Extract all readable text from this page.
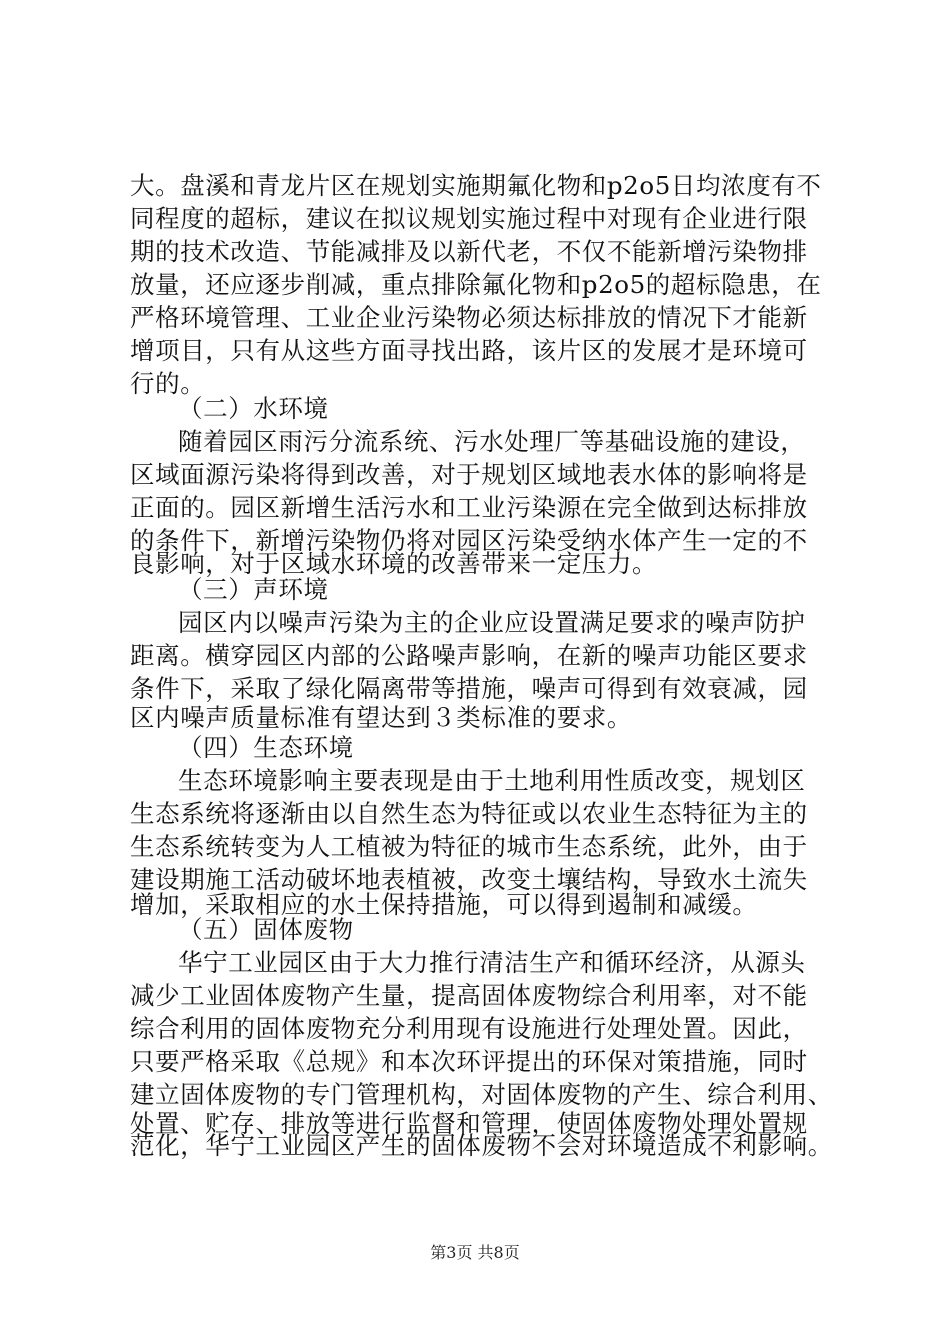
大。盘溪和青龙片区在规划实施期氟化物和p2o5日均浓度有不
同程度的超标，建议在拟议规划实施过程中对现有企业进行限
期的技术改造、节能减排及以新代老，不仅不能新增污染物排
放量，还应逐步削减，重点排除氟化物和p2o5的超标隐患，在
严格环境管理、工业企业污染物必须达标排放的情况下才能新
增项目，只有从这些方面寻找出路，该片区的发展才是环境可
行的。
（二）水环境
随着园区雨污分流系统、污水处理厂等基础设施的建设，
区域面源污染将得到改善，对于规划区域地表水体的影响将是
正面的。园区新增生活污水和工业污染源在完全做到达标排放
的条件下，新增污染物仍将对园区污染受纳水体产生一定的不
良影响，对于区域水环境的改善带来一定压力。
（三）声环境
园区内以噪声污染为主的企业应设置满足要求的噪声防护
距离。横穿园区内部的公路噪声影响，在新的噪声功能区要求
条件下，采取了绿化隔离带等措施，噪声可得到有效衰减，园
区内噪声质量标准有望达到３类标准的要求。
（四）生态环境
生态环境影响主要表现是由于土地利用性质改变，规划区
生态系统将逐渐由以自然生态为特征或以农业生态特征为主的
生态系统转变为人工植被为特征的城市生态系统，此外，由于
建设期施工活动破坏地表植被，改变土壤结构，导致水土流失
增加，采取相应的水土保持措施，可以得到遏制和减缓。
（五）固体废物
华宁工业园区由于大力推行清洁生产和循环经济，从源头
减少工业固体废物产生量，提高固体废物综合利用率，对不能
综合利用的固体废物充分利用现有设施进行处理处置。因此，
只要严格采取《总规》和本次环评提出的环保对策措施，同时
建立固体废物的专门管理机构，对固体废物的产生、综合利用、
处置、贮存、排放等进行监督和管理，使固体废物处理处置规
范化，华宁工业园区产生的固体废物不会对环境造成不利影响。
第3页 共8页
